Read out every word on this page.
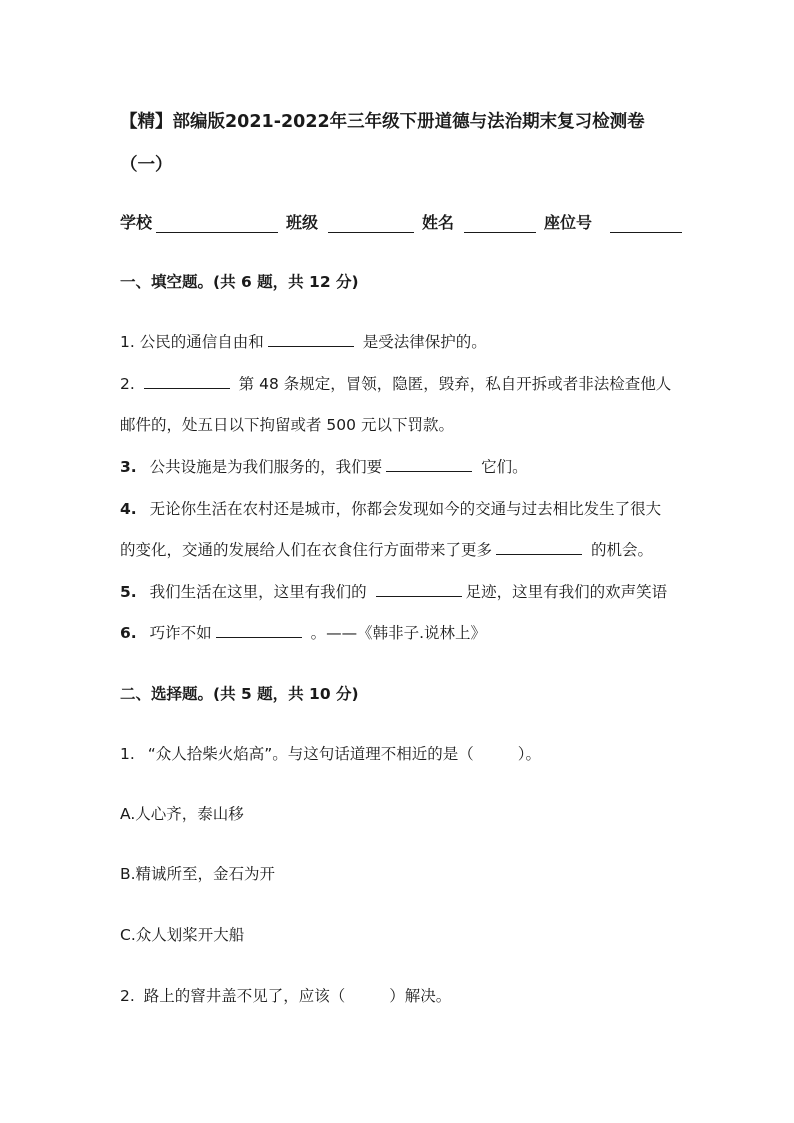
【精】部编版2021-2022年三年级下册道德与法治期末复习检测卷
（一）
学校	班级	姓名	座位号
一、填空题。(共 6 题，共 12 分)
1. 公民的通信自由和	是受法律保护的。
2.	第 48 条规定，冒领，隐匿，毁弃，私自开拆或者非法检查他人
邮件的，处五日以下拘留或者 500 元以下罚款。
3. 公共设施是为我们服务的，我们要	它们。
4. 无论你生活在农村还是城市，你都会发现如今的交通与过去相比发生了很大
的变化，交通的发展给人们在衣食住行方面带来了更多	的机会。
5. 我们生活在这里，这里有我们的	足迹，这里有我们的欢声笑语
6. 巧诈不如	。——《韩非子.说林上》
二、选择题。(共 5 题，共 10 分)
1. “众人拾柴火焰高”。与这句话道理不相近的是（	）。
A.人心齐，泰山移
B.精诚所至，金石为开
C.众人划桨开大船
2. 路上的窨井盖不见了，应该（	）解决。
